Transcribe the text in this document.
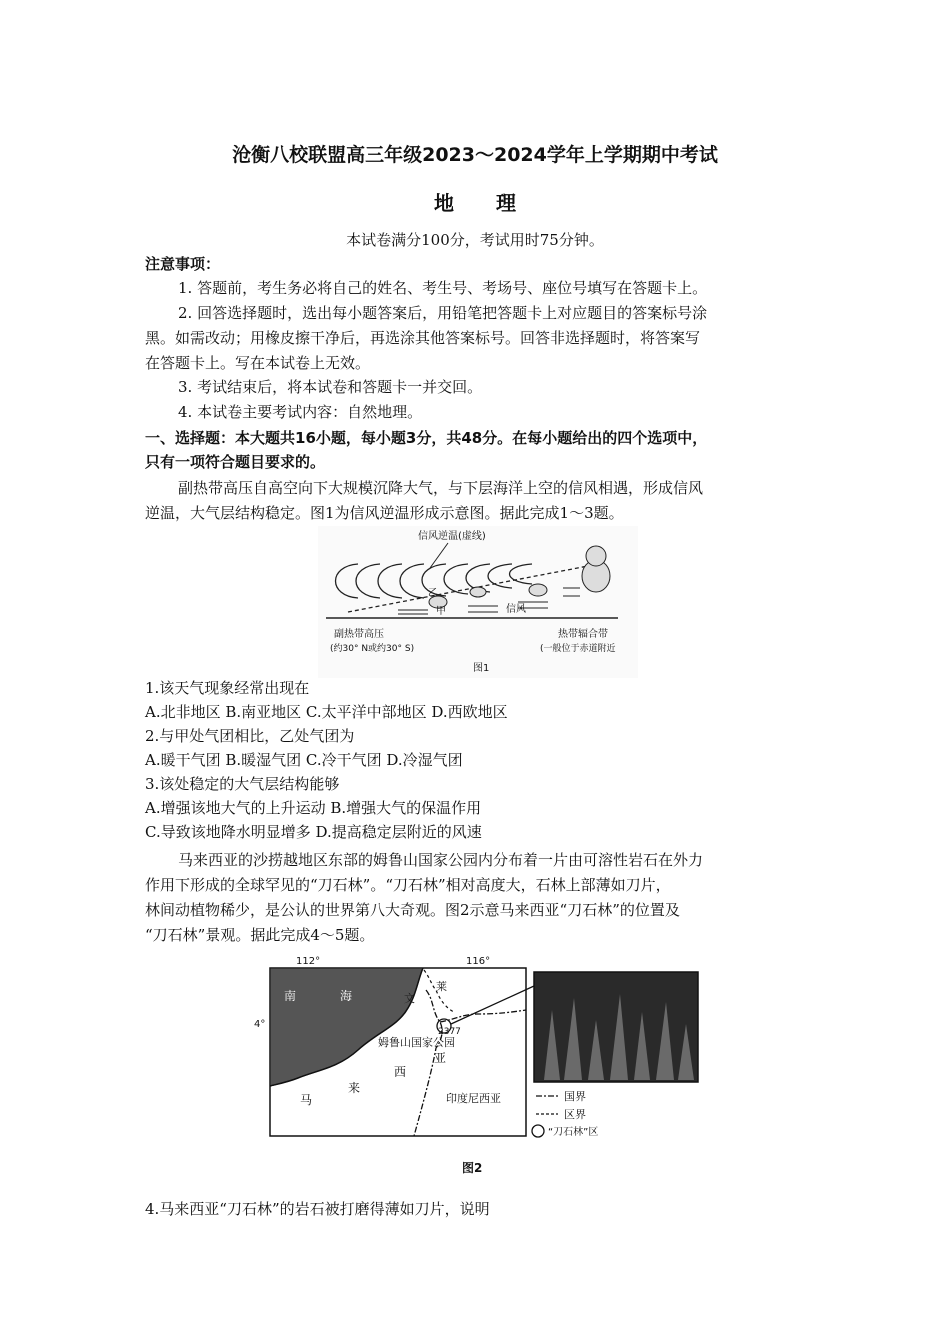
沧衡八校联盟高三年级2023～2024学年上学期期中考试
地理
本试卷满分100分，考试用时75分钟。
注意事项：
1. 答题前，考生务必将自己的姓名、考生号、考场号、座位号填写在答题卡上。
2. 回答选择题时，选出每小题答案后，用铅笔把答题卡上对应题目的答案标号涂
黑。如需改动；用橡皮擦干净后，再选涂其他答案标号。回答非选择题时，将答案写
在答题卡上。写在本试卷上无效。
3. 考试结束后，将本试卷和答题卡一并交回。
4. 本试卷主要考试内容：自然地理。
一、选择题：本大题共16小题，每小题3分，共48分。在每小题给出的四个选项中，
只有一项符合题目要求的。
副热带高压自高空向下大规模沉降大气，与下层海洋上空的信风相遇，形成信风
逆温，大气层结构稳定。图1为信风逆温形成示意图。据此完成1～3题。
信风逆温(虚线)
乙
甲	信风
副热带高压
(约30° N或约30° S)
热带辐合带
(一般位于赤道附近
图1
1.该天气现象经常出现在
A.北非地区 B.南亚地区 C.太平洋中部地区 D.西欧地区
2.与甲处气团相比，乙处气团为
A.暖干气团 B.暖湿气团 C.冷干气团 D.冷湿气团
3.该处稳定的大气层结构能够
A.增强该地大气的上升运动 B.增强大气的保温作用
C.导致该地降水明显增多 D.提高稳定层附近的风速
马来西亚的沙捞越地区东部的姆鲁山国家公园内分布着一片由可溶性岩石在外力
作用下形成的全球罕见的“刀石林”。“刀石林”相对高度大，石林上部薄如刀片，
林间动植物稀少，是公认的世界第八大奇观。图2示意马来西亚“刀石林”的位置及
“刀石林”景观。据此完成4～5题。
112°	116°
4°
南	海	文
莱
2377
姆鲁山国家公园
马
来
西
亚
印度尼西亚	国界
区界
“刀石林”区
图2
4.马来西亚“刀石林”的岩石被打磨得薄如刀片，说明
